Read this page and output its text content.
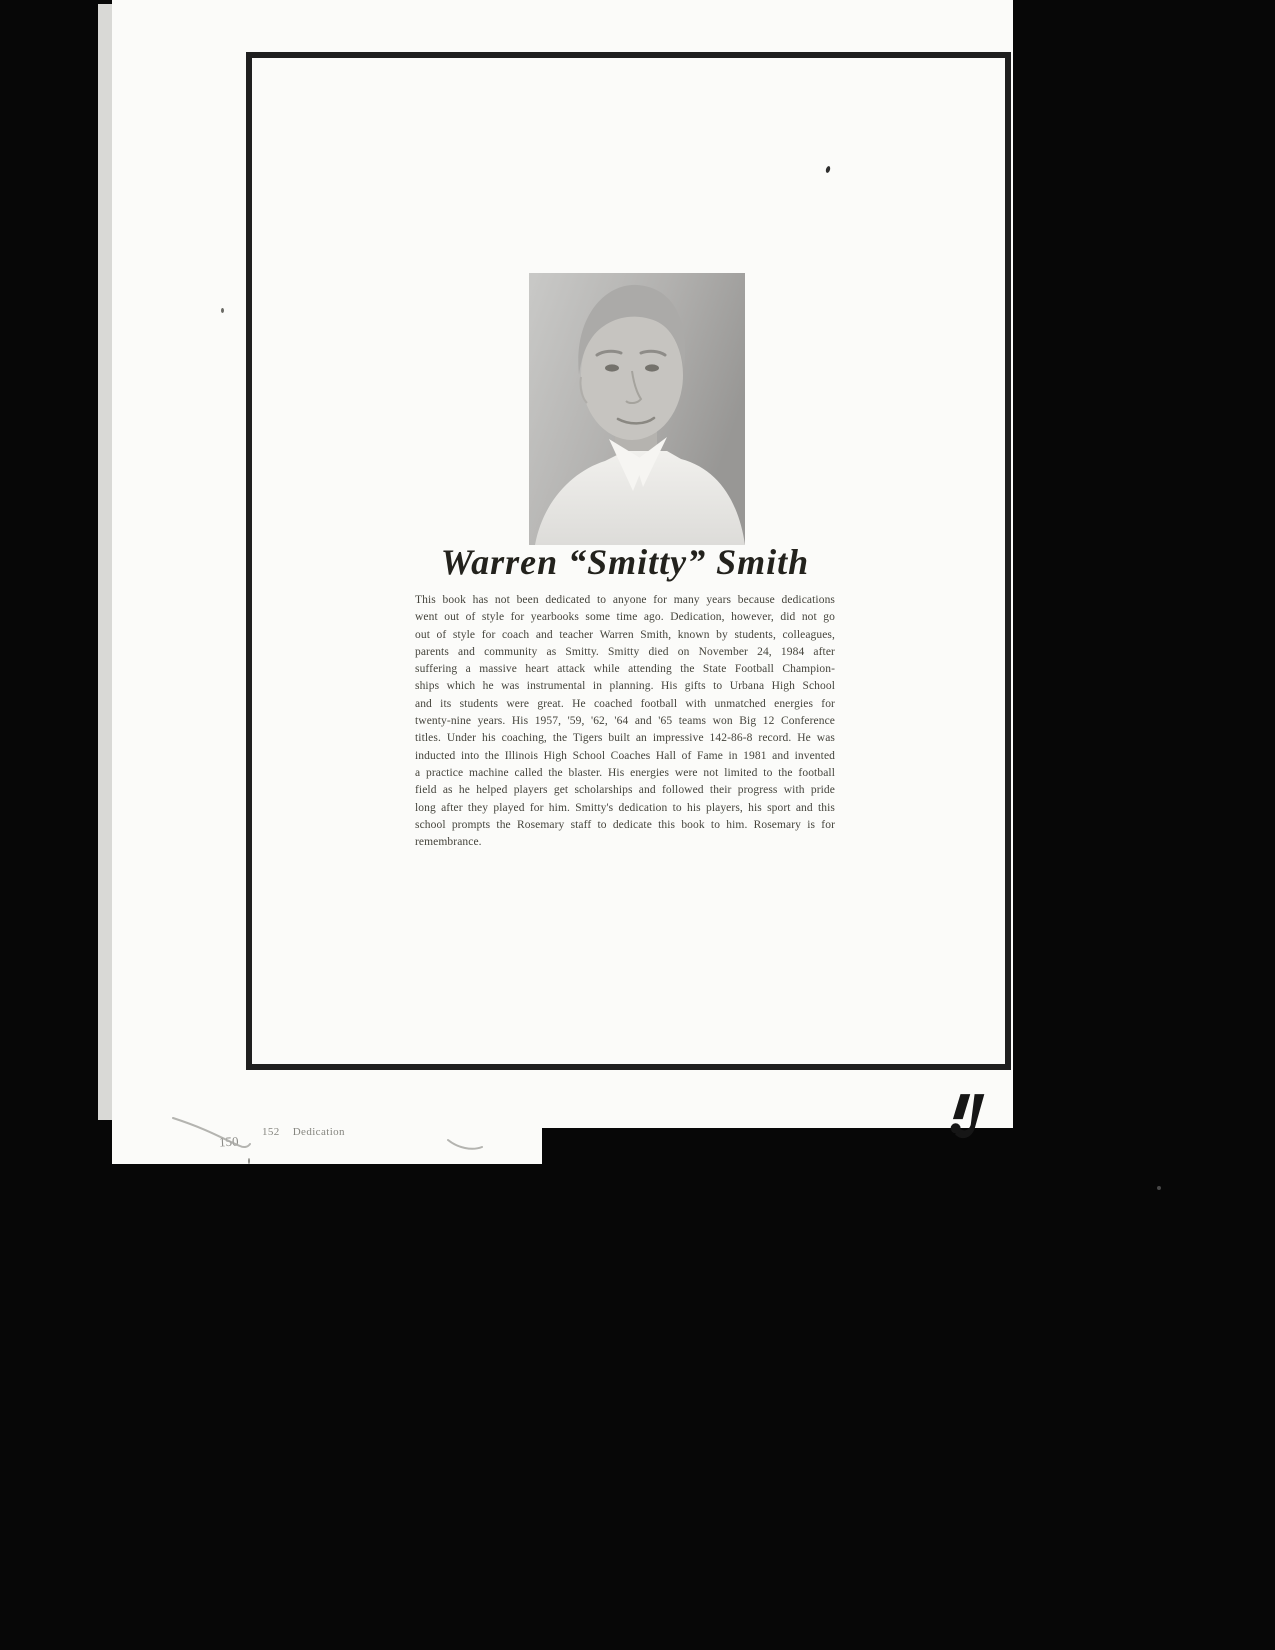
Warren “Smitty” Smith
This book has not been dedicated to anyone for many years because dedications
went out of style for yearbooks some time ago. Dedication, however, did not go
out of style for coach and teacher Warren Smith, known by students, colleagues,
parents and community as Smitty. Smitty died on November 24, 1984 after
suffering a massive heart attack while attending the State Football Champion-
ships which he was instrumental in planning. His gifts to Urbana High School
and its students were great. He coached football with unmatched energies for
twenty-nine years. His 1957, '59, '62, '64 and '65 teams won Big 12 Conference
titles. Under his coaching, the Tigers built an impressive 142-86-8 record. He was
inducted into the Illinois High School Coaches Hall of Fame in 1981 and invented
a practice machine called the blaster. His energies were not limited to the football
field as he helped players get scholarships and followed their progress with pride
long after they played for him. Smitty's dedication to his players, his sport and this
school prompts the Rosemary staff to dedicate this book to him. Rosemary is for
remembrance.
152 Dedication
150
